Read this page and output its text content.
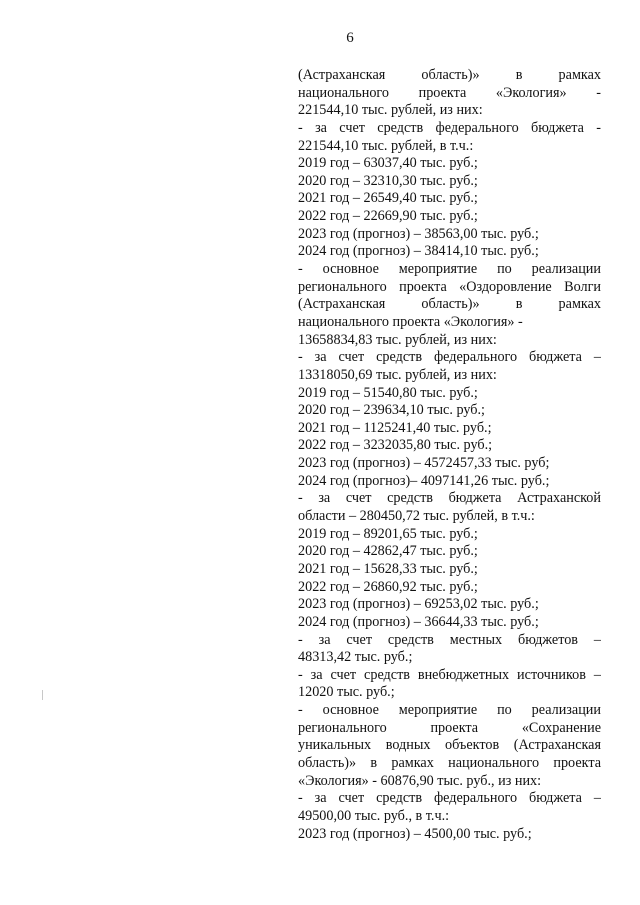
6
(Астраханская область)» в рамках
национального проекта «Экология» -
221544,10 тыс. рублей, из них:
- за счет средств федерального бюджета -
221544,10 тыс. рублей, в т.ч.:
2019 год – 63037,40 тыс. руб.;
2020 год – 32310,30 тыс. руб.;
2021 год – 26549,40 тыс. руб.;
2022 год – 22669,90 тыс. руб.;
2023 год (прогноз) – 38563,00 тыс. руб.;
2024 год (прогноз) – 38414,10 тыс. руб.;
- основное мероприятие по реализации
регионального проекта «Оздоровление Волги
(Астраханская область)» в рамках
национального проекта «Экология» -
13658834,83 тыс. рублей, из них:
- за счет средств федерального бюджета –
13318050,69 тыс. рублей, из них:
2019 год – 51540,80 тыс. руб.;
2020 год – 239634,10 тыс. руб.;
2021 год – 1125241,40 тыс. руб.;
2022 год – 3232035,80 тыс. руб.;
2023 год (прогноз) – 4572457,33 тыс. руб;
2024 год (прогноз)– 4097141,26 тыс. руб.;
- за счет средств бюджета Астраханской
области – 280450,72 тыс. рублей, в т.ч.:
2019 год – 89201,65 тыс. руб.;
2020 год – 42862,47 тыс. руб.;
2021 год – 15628,33 тыс. руб.;
2022 год – 26860,92 тыс. руб.;
2023 год (прогноз) – 69253,02 тыс. руб.;
2024 год (прогноз) – 36644,33 тыс. руб.;
- за счет средств местных бюджетов –
48313,42 тыс. руб.;
- за счет средств внебюджетных источников –
12020 тыс. руб.;
- основное мероприятие по реализации
регионального проекта «Сохранение
уникальных водных объектов (Астраханская
область)» в рамках национального проекта
«Экология» - 60876,90 тыс. руб., из них:
- за счет средств федерального бюджета –
49500,00 тыс. руб., в т.ч.:
2023 год (прогноз) – 4500,00 тыс. руб.;
